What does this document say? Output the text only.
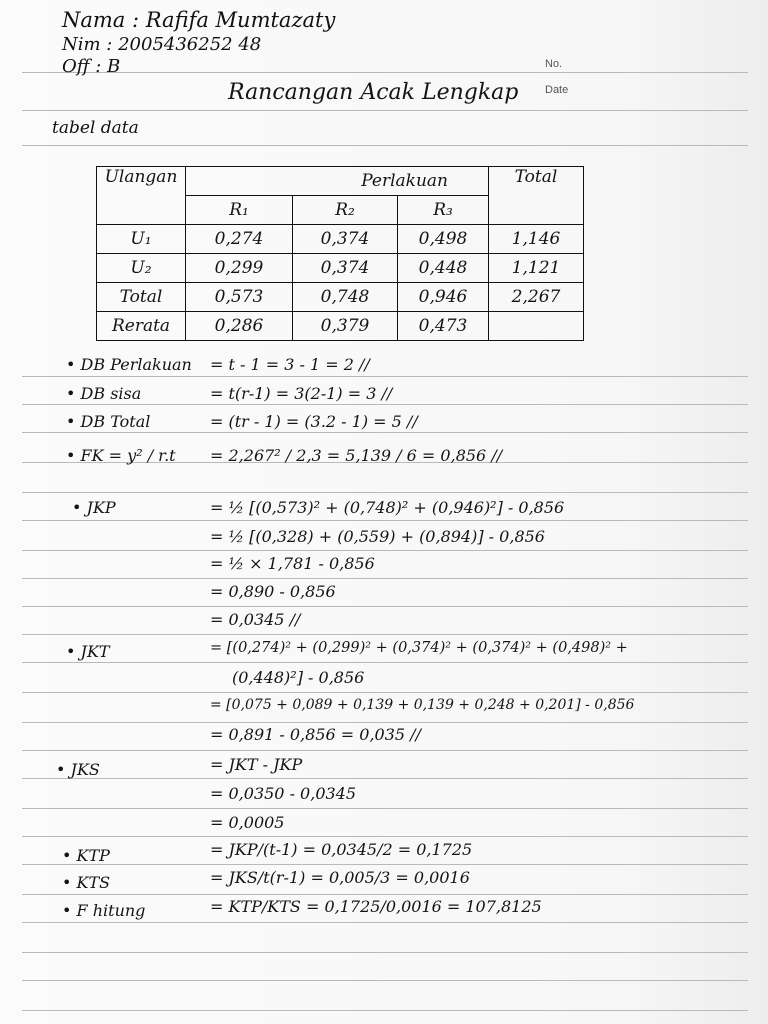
Nama : Rafifa Mumtazaty
Nim : 2005436252 48
Off : B	No.
Date
Rancangan Acak Lengkap
tabel data
Ulangan	Perlakuan			Total
	R₁	R₂	R₃	
U₁	0,274	0,374	0,498	1,146
U₂	0,299	0,374	0,448	1,121
Total	0,573	0,748	0,946	2,267
Rerata	0,286	0,379	0,473	
• DB Perlakuan = t - 1 = 3 - 1 = 2 //
• DB sisa	= t(r-1) = 3(2-1) = 3 //
• DB Total	= (tr - 1) = (3.2 - 1) = 5 //
• FK = y² / r.t = 2,267² / 2,3 = 5,139 / 6 = 0,856 //
• JKP	= ½ [(0,573)² + (0,748)² + (0,946)²] - 0,856
= ½ [(0,328) + (0,559) + (0,894)] - 0,856
= ½ × 1,781 - 0,856
= 0,890 - 0,856
= 0,0345 //
• JKT	= [(0,274)² + (0,299)² + (0,374)² + (0,374)² + (0,498)² +
(0,448)²] - 0,856
= [0,075 + 0,089 + 0,139 + 0,139 + 0,248 + 0,201] - 0,856
= 0,891 - 0,856 = 0,035 //
• JKS	= JKT - JKP
= 0,0350 - 0,0345
= 0,0005
• KTP	= JKP/(t-1) = 0,0345/2 = 0,1725
• KTS	= JKS/t(r-1) = 0,005/3 = 0,0016
• F hitung	= KTP/KTS = 0,1725/0,0016 = 107,8125
